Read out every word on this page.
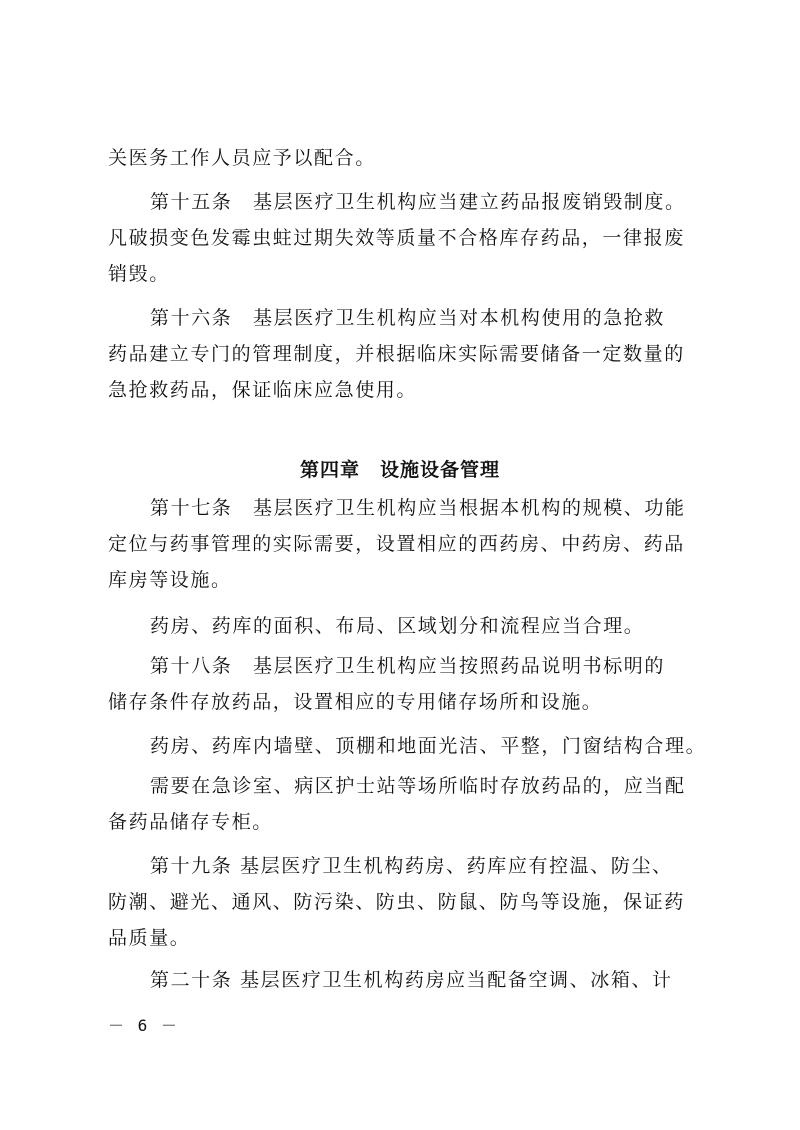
关医务工作人员应予以配合。
第十五条　基层医疗卫生机构应当建立药品报废销毁制度。
凡破损变色发霉虫蛀过期失效等质量不合格库存药品，一律报废
销毁。
第十六条　基层医疗卫生机构应当对本机构使用的急抢救
药品建立专门的管理制度，并根据临床实际需要储备一定数量的
急抢救药品，保证临床应急使用。
第四章　设施设备管理
第十七条　基层医疗卫生机构应当根据本机构的规模、功能
定位与药事管理的实际需要，设置相应的西药房、中药房、药品
库房等设施。
药房、药库的面积、布局、区域划分和流程应当合理。
第十八条　基层医疗卫生机构应当按照药品说明书标明的
储存条件存放药品，设置相应的专用储存场所和设施。
药房、药库内墙壁、顶棚和地面光洁、平整，门窗结构合理。
需要在急诊室、病区护士站等场所临时存放药品的，应当配
备药品储存专柜。
第十九条 基层医疗卫生机构药房、药库应有控温、防尘、
防潮、避光、通风、防污染、防虫、防鼠、防鸟等设施，保证药
品质量。
第二十条 基层医疗卫生机构药房应当配备空调、冰箱、计
－ 6 －
